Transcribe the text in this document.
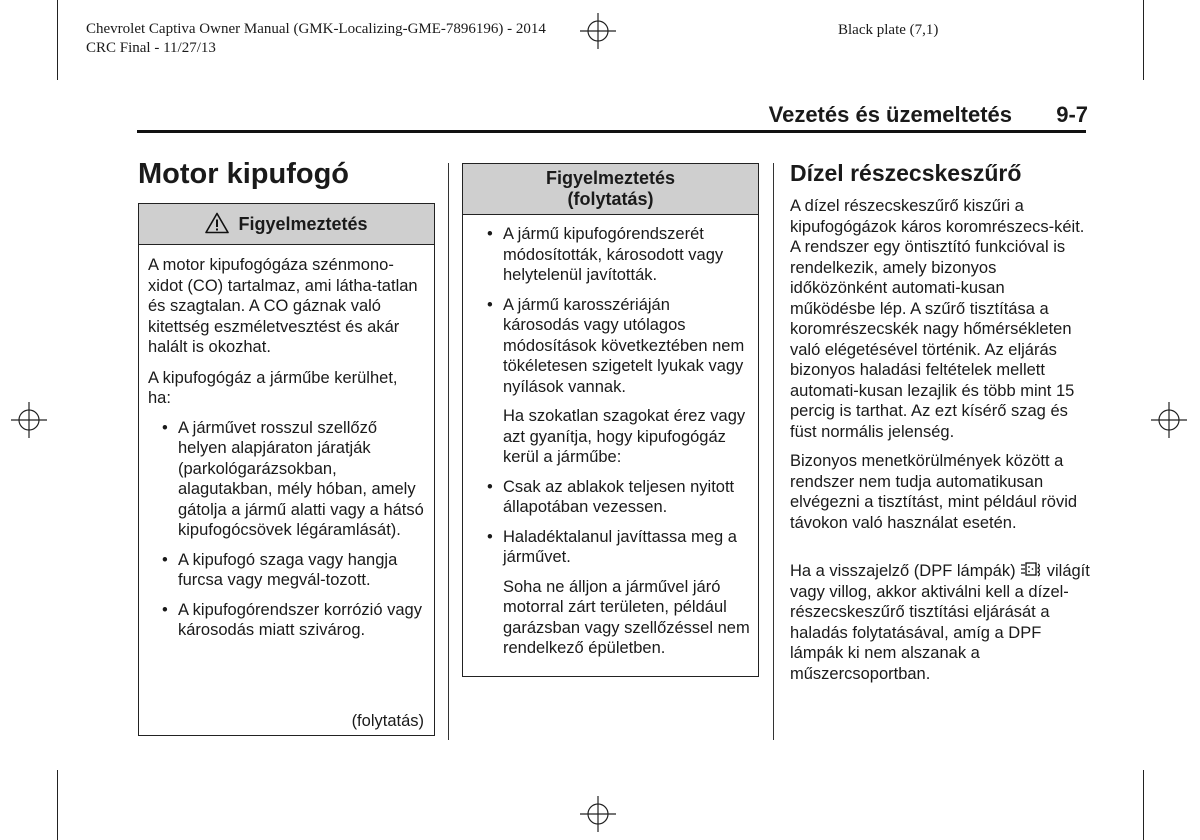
Chevrolet Captiva Owner Manual (GMK-Localizing-GME-7896196) - 2014
CRC Final - 11/27/13
Black plate (7,1)
Vezetés és üzemeltetés	9-7
Motor kipufogó
Figyelmeztetés

A motor kipufogógáza szénmono-xidot (CO) tartalmaz, ami látha-tatlan és szagtalan. A CO gáznak való kitettség eszméletvesztést és akár halált is okozhat.

A kipufogógáz a járműbe kerülhet, ha:

• A járművet rosszul szellőző helyen alapjáraton járatják (parkológarázsokban, alagutakban, mély hóban, amely gátolja a jármű alatti vagy a hátsó kipufogócsövek légáramlását).
• A kipufogó szaga vagy hangja furcsa vagy megvál-tozott.
• A kipufogórendszer korrózió vagy károsodás miatt szivárog.
(folytatás)
Figyelmeztetés
(folytatás)
• A jármű kipufogórendszerét módosították, károsodott vagy helytelenül javították.
• A jármű karosszériáján károsodás vagy utólagos módosítások következtében nem tökéletesen szigetelt lyukak vagy nyílások vannak.

Ha szokatlan szagokat érez vagy azt gyanítja, hogy kipufogógáz kerül a járműbe:

• Csak az ablakok teljesen nyitott állapotában vezessen.
• Haladéktalanul javíttassa meg a járművet.

Soha ne álljon a járművel járó motorral zárt területen, például garázsban vagy szellőzéssel nem rendelkező épületben.

Dízel részecskeszűrő

A dízel részecskeszűrő kiszűri a kipufogógázok káros koromrészecs-kéit. A rendszer egy öntisztító funkcióval is rendelkezik, amely bizonyos időközönként automati-kusan működésbe lép. A szűrő tisztítása a koromrészecskék nagy hőmérsékleten való elégetésével történik. Az eljárás bizonyos haladási feltételek mellett automati-kusan lezajlik és több mint 15 percig is tarthat. Az ezt kísérő szag és füst normális jelenség.

Bizonyos menetkörülmények között a rendszer nem tudja automatikusan elvégezni a tisztítást, mint például rövid távokon való használat esetén.

Ha a visszajelző (DPF lámpák) világít vagy villog, akkor aktiválni kell a dízel-részecskeszűrő tisztítási eljárását a haladás folytatásával, amíg a DPF lámpák ki nem alszanak a műszercsoportban.
